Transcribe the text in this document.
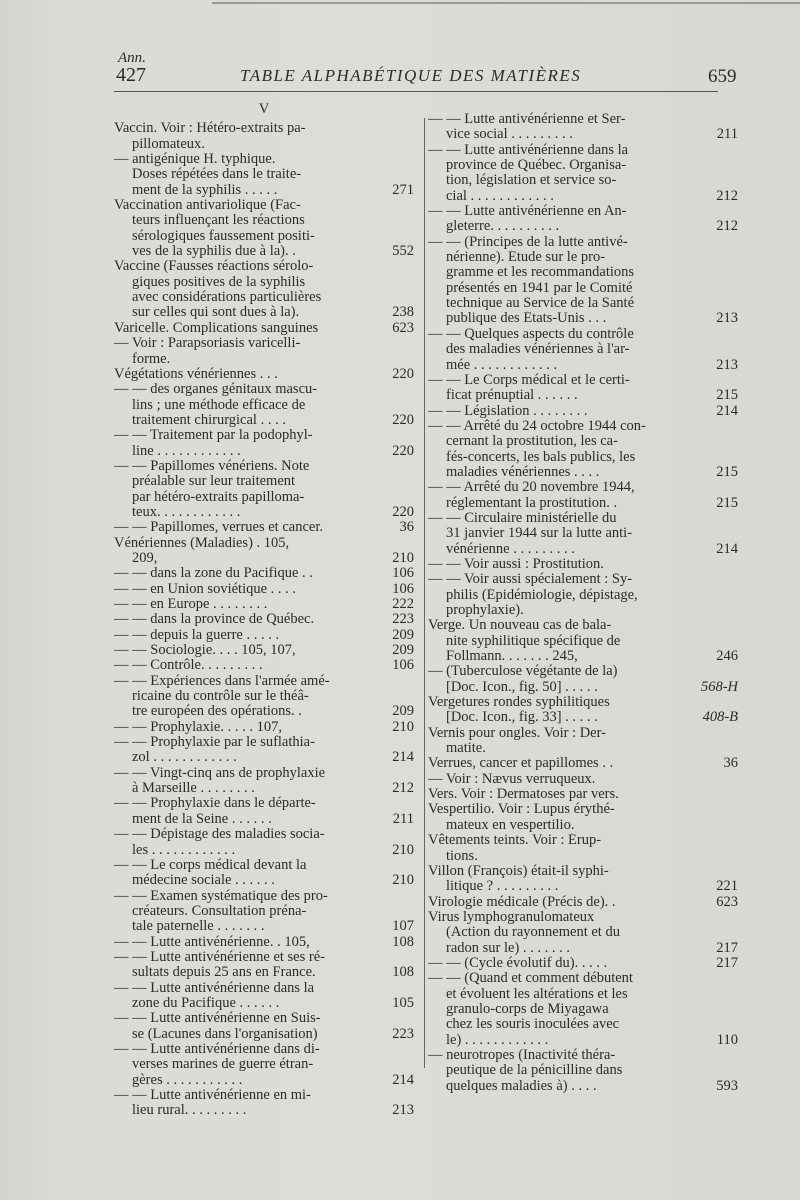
Ann.
427	TABLE ALPHABÉTIQUE DES MATIÈRES	659
V
Vaccin. Voir : Hétéro-extraits pa-
pillomateux.
— antigénique H. typhique.
Doses répétées dans le traite-
ment de la syphilis . . . . .	271
Vaccination antivariolique (Fac-
teurs influençant les réactions
sérologiques faussement positi-
ves de la syphilis due à la). .	552
Vaccine (Fausses réactions sérolo-
giques positives de la syphilis
avec considérations particulières
sur celles qui sont dues à la).	238
Varicelle. Complications sanguines	623
— Voir : Parapsoriasis varicelli-
forme.
Végétations vénériennes . . .	220
— — des organes génitaux mascu-
lins ; une méthode efficace de
traitement chirurgical . . . .	220
— — Traitement par la podophyl-
line . . . . . . . . . . . .	220
— — Papillomes vénériens. Note
préalable sur leur traitement
par hétéro-extraits papilloma-
teux. . . . . . . . . . . .	220
— — Papillomes, verrues et cancer.	36
Vénériennes (Maladies) . 105,
209,	210
— — dans la zone du Pacifique . .	106
— — en Union soviétique . . . .	106
— — en Europe . . . . . . . .	222
— — dans la province de Québec.	223
— — depuis la guerre . . . . .	209
— — Sociologie. . . . 105, 107,	209
— — Contrôle. . . . . . . . .	106
— — Expériences dans l'armée amé-
ricaine du contrôle sur le théâ-
tre européen des opérations. .	209
— — Prophylaxie. . . . . 107,	210
— — Prophylaxie par le suflathia-
zol . . . . . . . . . . . .	214
— — Vingt-cinq ans de prophylaxie
à Marseille . . . . . . . .	212
— — Prophylaxie dans le départe-
ment de la Seine . . . . . .	211
— — Dépistage des maladies socia-
les . . . . . . . . . . . .	210
— — Le corps médical devant la
médecine sociale . . . . . .	210
— — Examen systématique des pro-
créateurs. Consultation préna-
tale paternelle . . . . . . .	107
— — Lutte antivénérienne. . 105,	108
— — Lutte antivénérienne et ses ré-
sultats depuis 25 ans en France.	108
— — Lutte antivénérienne dans la
zone du Pacifique . . . . . .	105
— — Lutte antivénérienne en Suis-
se (Lacunes dans l'organisation)	223
— — Lutte antivénérienne dans di-
verses marines de guerre étran-
gères . . . . . . . . . . .	214
— — Lutte antivénérienne en mi-
lieu rural. . . . . . . . .	213
— — Lutte antivénérienne et Ser-
vice social . . . . . . . . .	211
— — Lutte antivénérienne dans la
province de Québec. Organisa-
tion, législation et service so-
cial . . . . . . . . . . . .	212
— — Lutte antivénérienne en An-
gleterre. . . . . . . . . .	212
— — (Principes de la lutte antivé-
nérienne). Étude sur le pro-
gramme et les recommandations
présentés en 1941 par le Comité
technique au Service de la Santé
publique des États-Unis . . .	213
— — Quelques aspects du contrôle
des maladies vénériennes à l'ar-
mée . . . . . . . . . . . .	213
— — Le Corps médical et le certi-
ficat prénuptial . . . . . .	215
— — Législation . . . . . . . .	214
— — Arrêté du 24 octobre 1944 con-
cernant la prostitution, les ca-
fés-concerts, les bals publics, les
maladies vénériennes . . . .	215
— — Arrêté du 20 novembre 1944,
réglementant la prostitution. .	215
— — Circulaire ministérielle du
31 janvier 1944 sur la lutte anti-
vénérienne . . . . . . . . .	214
— — Voir aussi : Prostitution.
— — Voir aussi spécialement : Sy-
philis (Épidémiologie, dépistage,
prophylaxie).
Verge. Un nouveau cas de bala-
nite syphilitique spécifique de
Follmann. . . . . . . 245,	246
— (Tuberculose végétante de la)
[Doc. Icon., fig. 50] . . . . .	568-H
Vergetures rondes syphilitiques
[Doc. Icon., fig. 33] . . . . .	408-B
Vernis pour ongles. Voir : Der-
matite.
Verrues, cancer et papillomes . .	36
— Voir : Nævus verruqueux.
Vers. Voir : Dermatoses par vers.
Vespertilio. Voir : Lupus érythé-
mateux en vespertilio.
Vêtements teints. Voir : Érup-
tions.
Villon (François) était-il syphi-
litique ? . . . . . . . . .	221
Virologie médicale (Précis de). .	623
Virus lymphogranulomateux
(Action du rayonnement et du
radon sur le) . . . . . . .	217
— — (Cycle évolutif du). . . . .	217
— — (Quand et comment débutent
et évoluent les altérations et les
granulo-corps de Miyagawa
chez les souris inoculées avec
le) . . . . . . . . . . . .	110
— neurotropes (Inactivité théra-
peutique de la pénicilline dans
quelques maladies à) . . . .	593
